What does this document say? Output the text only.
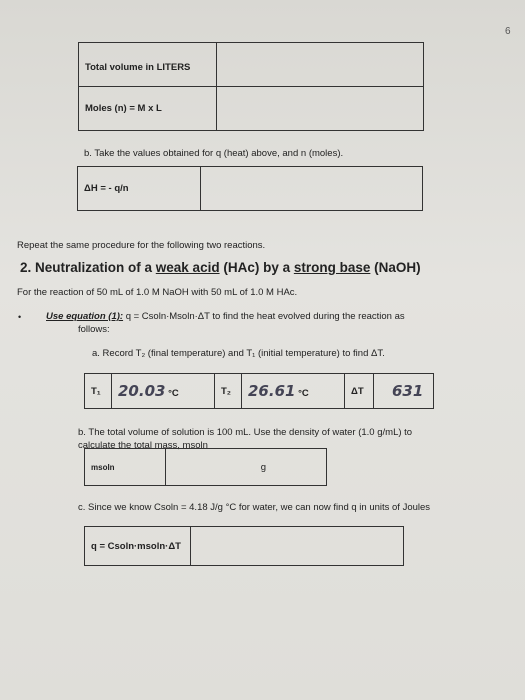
6
Total volume in LITERS	
Moles (n) = M x L	
b. Take the values obtained for q (heat) above, and n (moles).
ΔH = - q/n	
Repeat the same procedure for the following two reactions.
2. Neutralization of a weak acid (HAc) by a strong base (NaOH)
For the reaction of 50 mL of 1.0 M NaOH with 50 mL of 1.0 M HAc.
•	Use equation (1): q = Csoln·Msoln·ΔT to find the heat evolved during the reaction as
follows:
a. Record T₂ (final temperature) and T₁ (initial temperature) to find ΔT.
T₁	20.03 °C	T₂	26.61 °C	ΔT	631
b. The total volume of solution is 100 mL. Use the density of water (1.0 g/mL) to
calculate the total mass, msoln
msoln	g
c. Since we know Csoln = 4.18 J/g °C for water, we can now find q in units of Joules
q = Csoln·msoln·ΔT	
